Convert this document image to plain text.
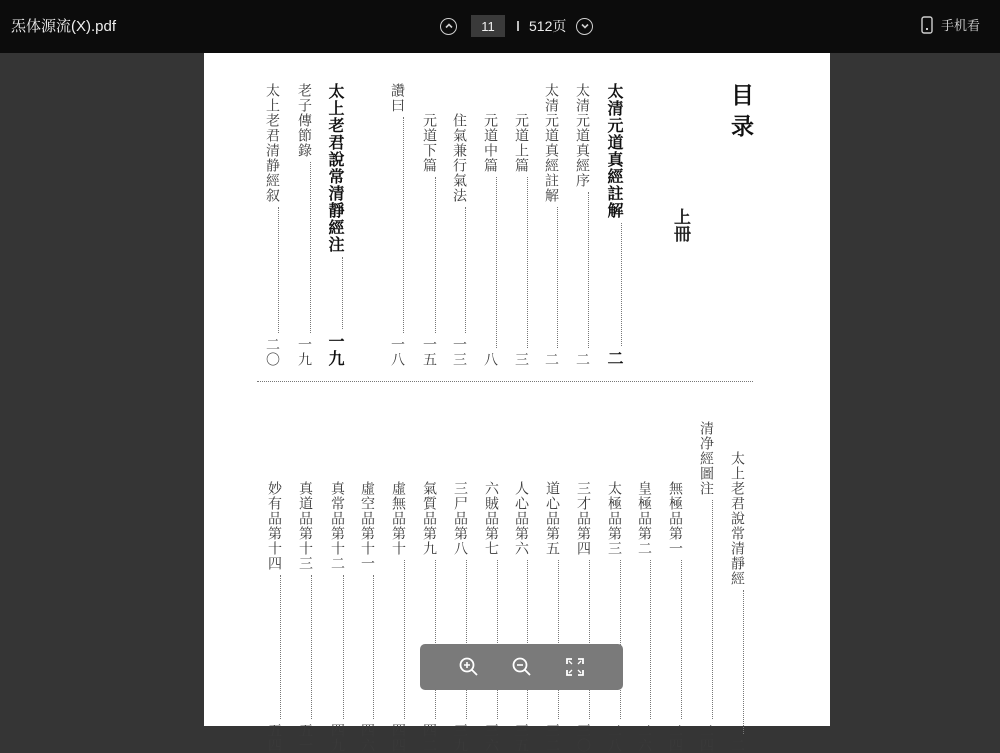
炁体源流(X).pdf	11	512页	手机看
目录
上冊
太清元道真經註解
二
太清元道真經序
二
太清元道真經註解
二
元道上篇
三
元道中篇
八
住氣兼行氣法
一三
元道下篇
一五
讚曰
一八
太上老君說常清靜經注
一九
老子傳節錄
一九
太上老君清静經叙
二〇
太上老君說常清靜經
二
清净經圖注
二四
無極品第一
二四
皇極品第二
二六
太極品第三
二八
三才品第四
三〇
道心品第五
三二
人心品第六
三五
六賊品第七
三六
三尸品第八
三九
氣質品第九
四二
虛無品第十
四四
虛空品第十一
四六
真常品第十二
四九
真道品第十三
五一
妙有品第十四
五四
